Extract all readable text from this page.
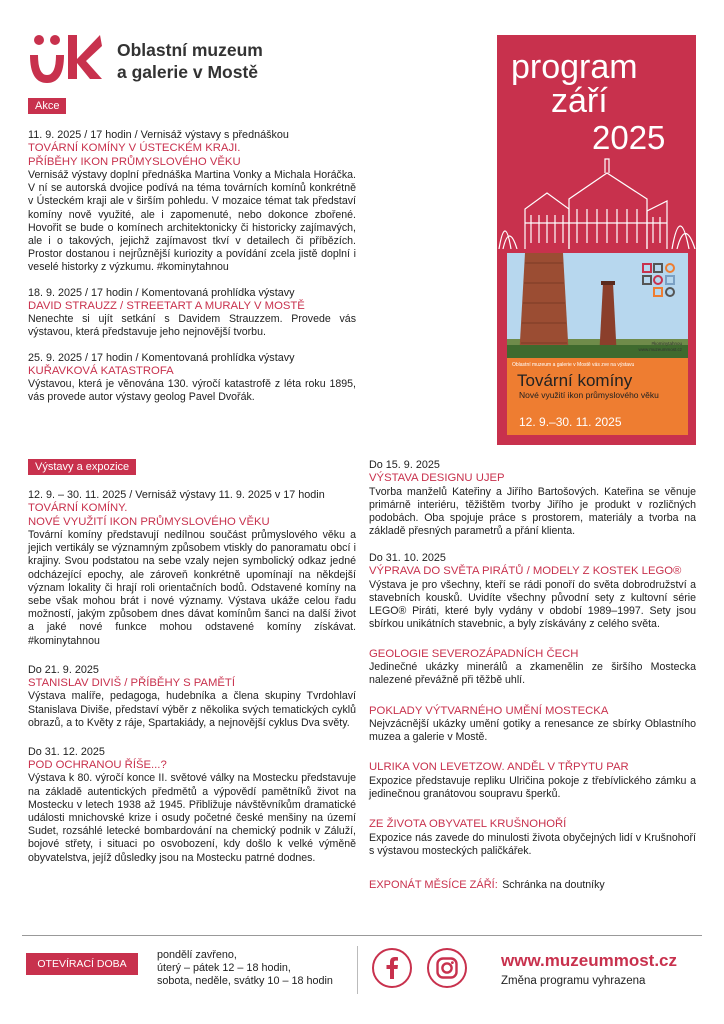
Oblastní muzeum
a galerie v Mostě
Akce
11. 9. 2025 / 17 hodin / Vernisáž výstavy s přednáškou
TOVÁRNÍ KOMÍNY V ÚSTECKÉM KRAJI.
PŘÍBĚHY IKON PRŮMYSLOVÉHO VĚKU
Vernisáž výstavy doplní přednáška Martina Vonky a Michala Horáčka. V ní se autorská dvojice podívá na téma továrních komínů konkrétně v Ústeckém kraji ale v širším pohledu. V mozaice témat tak představí komíny nově využité, ale i zapomenuté, nebo dokonce zbořené. Hovořit se bude o komínech architektonicky či historicky zajímavých, ale i o takových, jejichž zajímavost tkví v detailech či příbězích. Prostor dostanou i nejrůznější kuriozity a povídání zcela jistě doplní i veselé historky z výzkumu. #kominytahnou
18. 9. 2025 / 17 hodin / Komentovaná prohlídka výstavy
DAVID STRAUZZ / STREETART A MURALY V MOSTĚ
Nenechte si ujít setkání s Davidem Strauzzem. Provede vás výstavou, která představuje jeho nejnovější tvorbu.
25. 9. 2025 / 17 hodin / Komentovaná prohlídka výstavy
KUŘAVKOVÁ KATASTROFA
Výstavou, která je věnována 130. výročí katastrofě z léta roku 1895, vás provede autor výstavy geolog Pavel Dvořák.
Výstavy a expozice
12. 9. – 30. 11. 2025 / Vernisáž výstavy 11. 9. 2025 v 17 hodin
TOVÁRNÍ KOMÍNY.
NOVÉ VYUŽITÍ IKON PRŮMYSLOVÉHO VĚKU
Tovární komíny představují nedílnou součást průmyslového věku a jejich vertikály se významným způsobem vtiskly do panoramatu obcí i krajiny. Svou podstatou na sebe vzaly nejen symbolický odkaz jedné odcházející epochy, ale zároveň konkrétně upomínají na někdejší význam lokality či hrají roli orientačních bodů. Odstavené komíny na sebe však mohou brát i nové významy. Výstava ukáže celou řadu možností, jakým způsobem dnes dávat komínům šanci na další život a jaké nové funkce mohou odstavené komíny získávat. #kominytahnou
Do 21. 9. 2025
STANISLAV DIVIŠ / PŘÍBĚHY S PAMĚTÍ
Výstava malíře, pedagoga, hudebníka a člena skupiny Tvrdohlaví Stanislava Diviše, představí výběr z několika svých tematických cyklů obrazů, a to Květy z ráje, Spartakiády, a nejnovější cyklus Dva světy.
Do 31. 12. 2025
POD OCHRANOU ŘÍŠE...?
Výstava k 80. výročí konce II. světové války na Mostecku představuje na základě autentických předmětů a výpovědí pamětníků život na Mostecku v letech 1938 až 1945. Přibližuje návštěvníkům dramatické události mnichovské krize i osudy početné české menšiny na území Sudet, rozsáhlé letecké bombardování na chemický podnik v Záluží, bojové střety, i situaci po osvobození, kdy došlo k velké výměně obyvatelstva, jejíž důsledky jsou na Mostecku patrné dodnes.
Do 15. 9. 2025
VÝSTAVA DESIGNU UJEP
Tvorba manželů Kateřiny a Jiřího Bartošových. Kateřina se věnuje primárně interiéru, těžištěm tvorby Jiřího je produkt v rozličných podobách. Oba spojuje práce s prostorem, materiály a tvorba na základě přesných parametrů a přání klienta.
Do 31. 10. 2025
VÝPRAVA DO SVĚTA PIRÁTŮ / MODELY Z KOSTEK LEGO®
Výstava je pro všechny, kteří se rádi ponoří do světa dobrodružství a stavebních kousků. Uvidíte všechny původní sety z kultovní série LEGO® Piráti, které byly vydány v období 1989–1997. Sety jsou sbírkou unikátních stavebnic, a byly získávány z celého světa.
GEOLOGIE SEVEROZÁPADNÍCH ČECH
Jedinečné ukázky minerálů a zkamenělin ze širšího Mostecka nalezené převážně při těžbě uhlí.
POKLADY VÝTVARNÉHO UMĚNÍ MOSTECKA
Nejvzácnější ukázky umění gotiky a renesance ze sbírky Oblastního muzea a galerie v Mostě.
ULRIKA VON LEVETZOW. ANDĚL V TŘPYTU PAR
Expozice představuje repliku Ulričina pokoje z třebívlického zámku a jedinečnou granátovou soupravu šperků.
ZE ŽIVOTA OBYVATEL KRUŠNOHOŘÍ
Expozice nás zavede do minulosti života obyčejných lidí v Krušnohoří s výstavou mosteckých paličkářek.
EXPONÁT MĚSÍCE ZÁŘÍ: Schránka na doutníky
program
září
2025
Oblastní muzeum a galerie v Mostě vás zve na výstavu
Tovární komíny
Nové využití ikon průmyslového věku
12. 9.–30. 11. 2025
#kominytahnou
www.muzeummost.cz
OTEVÍRACÍ DOBA
pondělí zavřeno,
úterý – pátek 12 – 18 hodin,
sobota, neděle, svátky 10 – 18 hodin
www.muzeummost.cz
Změna programu vyhrazena
